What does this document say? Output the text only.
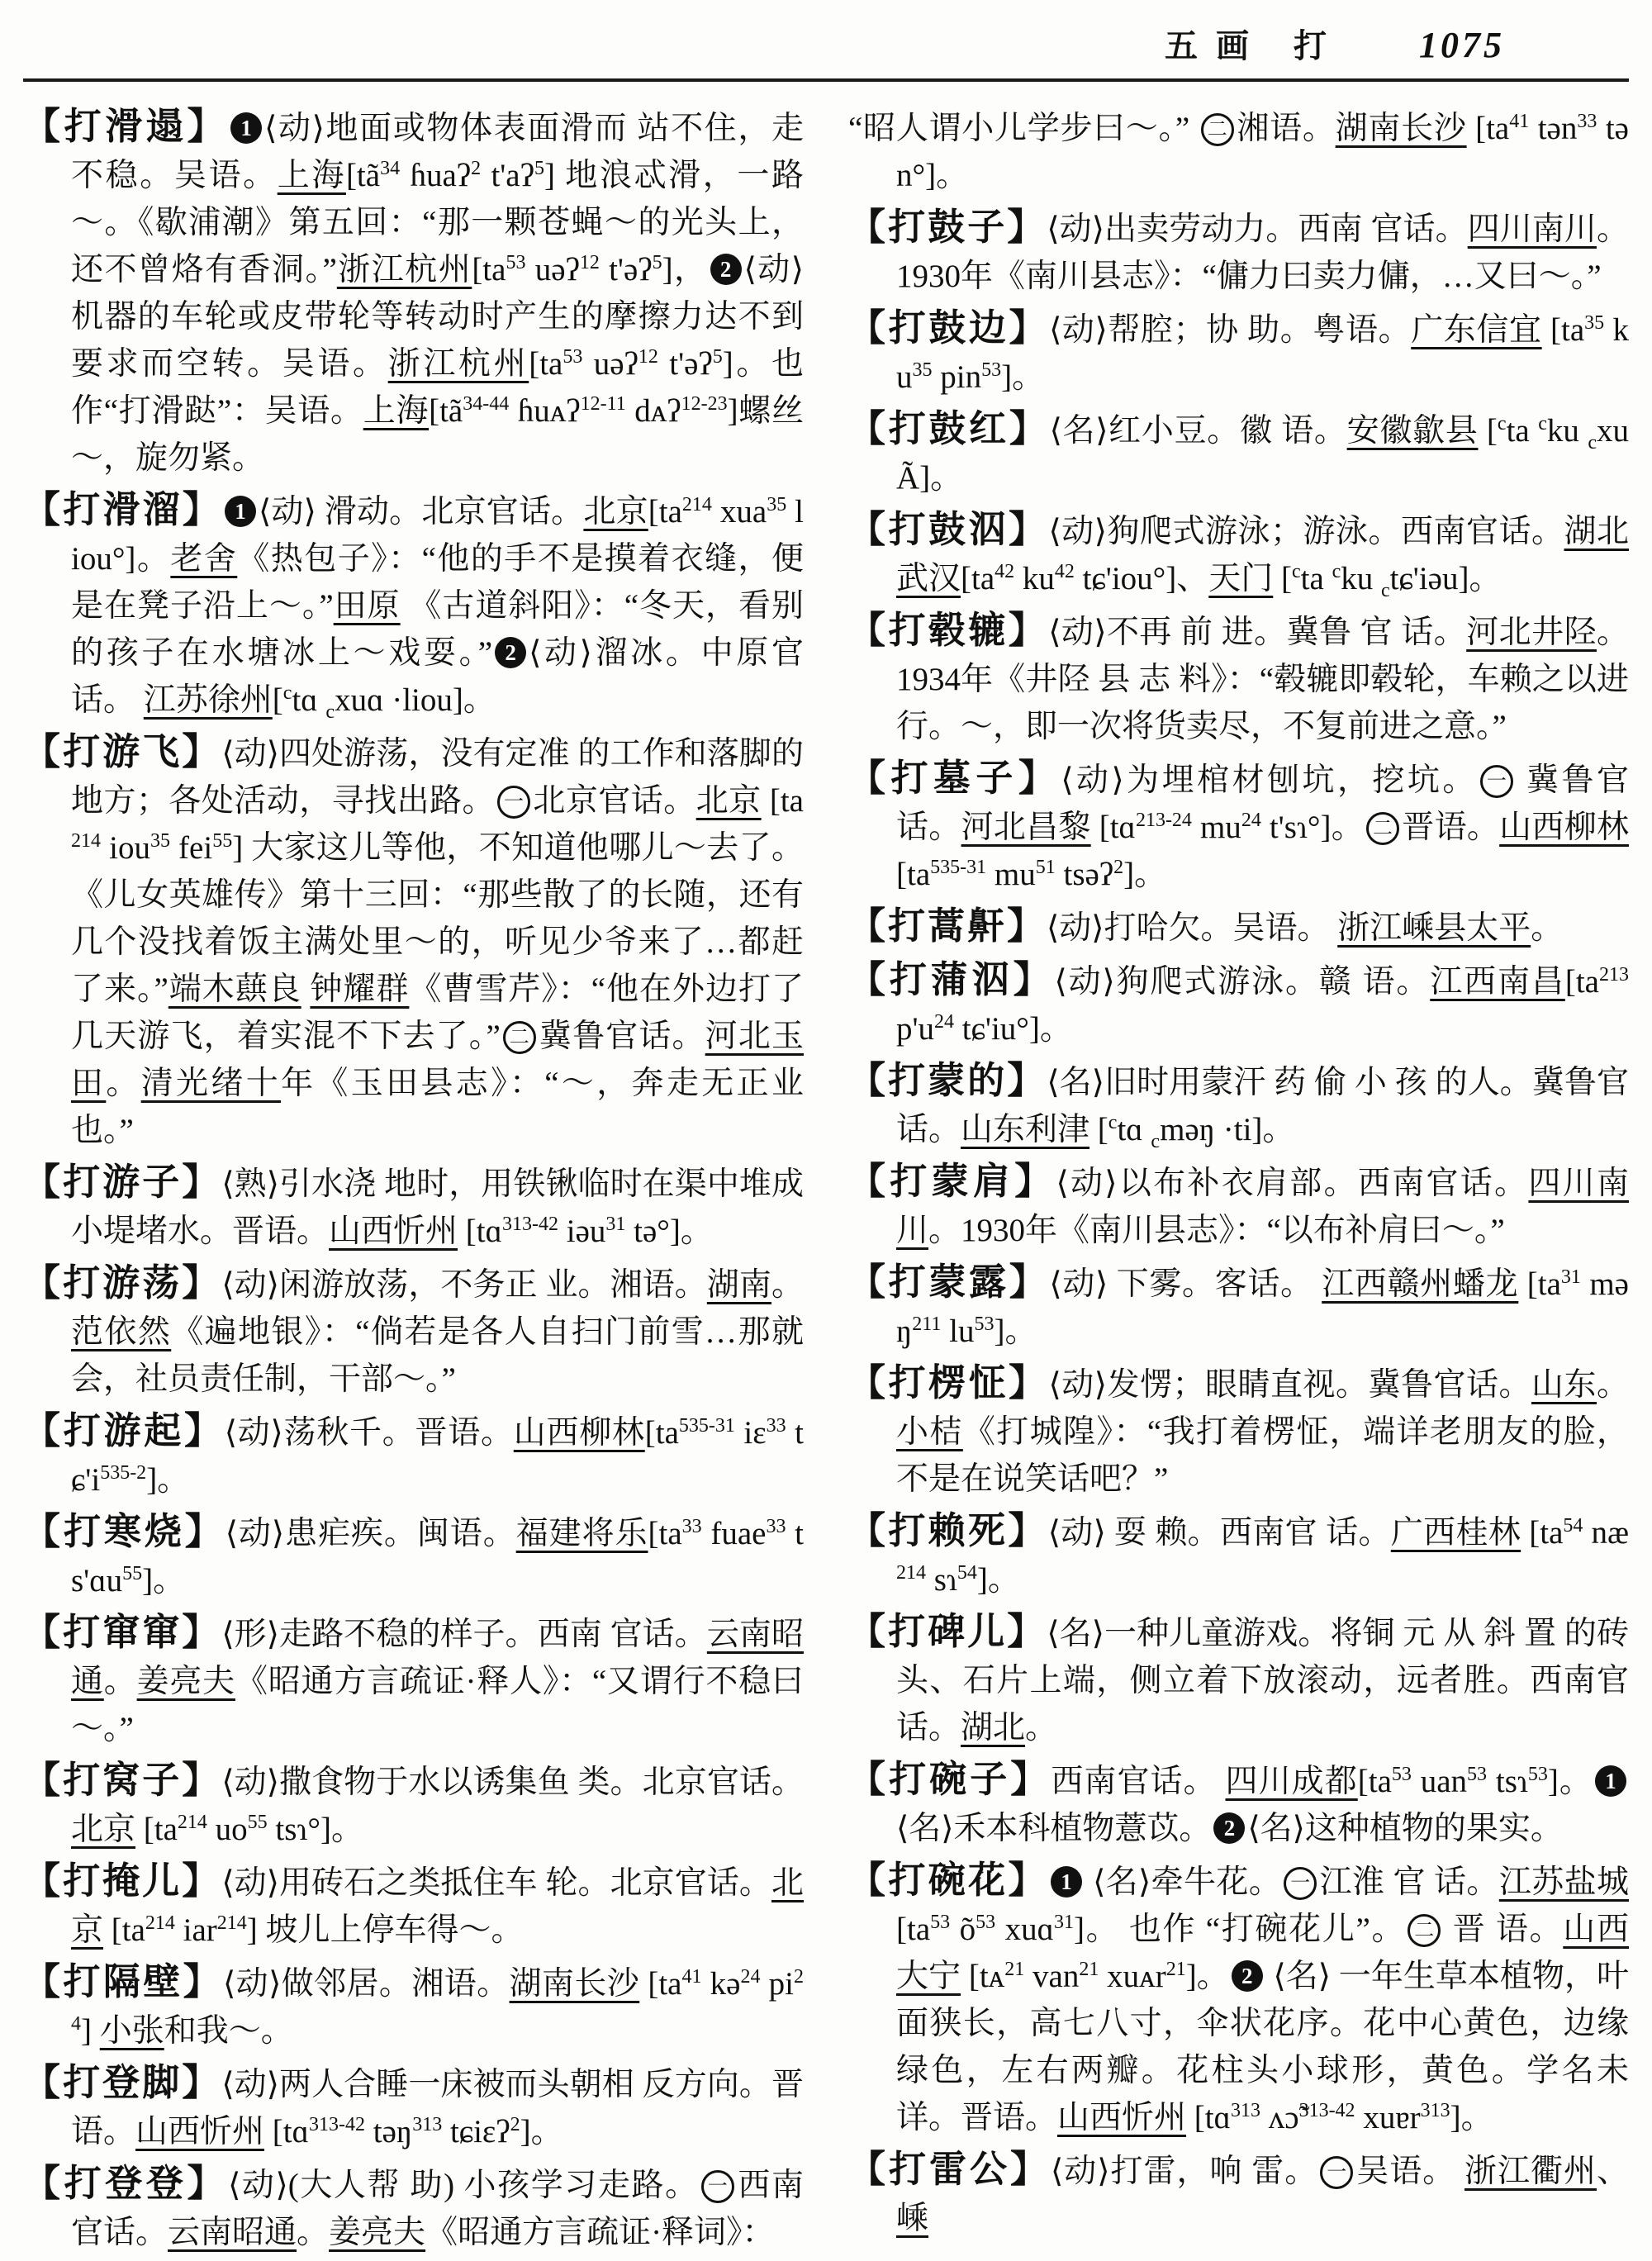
五画 打 1075

【打滑遢】 1 ⟨动⟩地面或物体表面滑而 站不住，走不稳。吴语。上海[$tã^{34}$ ɦuaʔ$^2$ t'aʔ$^5$] 地浪忒滑，一路～。《歇浦潮》第五回：“那一颗苍蝇～的光头上，还不曾烙有香洞。”浙江杭州[$ta^{53}$ uəʔ$^{12}$ t'əʔ$^5$]， 2 ⟨动⟩机器的车轮或皮带轮等转动时产生的摩擦力达不到要求而空转。吴语。浙江杭州[$ta^{53}$ uəʔ$^{12}$ t'əʔ$^5$]。也作“打滑跶”：吴语。上海[$tã^{34-44}$ ɦuᴀʔ$^{12-11}$ dᴀʔ$^{12-23}$]螺丝～，旋勿紧。

【打滑溜】 1 ⟨动⟩ 滑动。北京官话。北京[$ta^{214}$ xua$^{35}$ liou°]。老舍《热包子》：“他的手不是摸着衣缝，便是在凳子沿上～。”田原 《古道斜阳》：“冬天，看别的孩子在水塘冰上～戏耍。” 2 ⟨动⟩溜冰。中原官话。 江苏徐州[$^c$tɑ $_c$xuɑ ·liou]。

【打游飞】⟨动⟩四处游荡，没有定准 的工作和落脚的地方；各处活动，寻找出路。 一 北京官话。北京 [$ta^{214}$ iou$^{35}$ fei$^{55}$] 大家这儿等他，不知道他哪儿～去了。《儿女英雄传》第十三回：“那些散了的长随，还有几个没找着饭主满处里～的，听见少爷来了…都赶了来。”端木蕻良 钟耀群《曹雪芹》：“他在外边打了几天游飞，着实混不下去了。” 二 冀鲁官话。河北玉田。清光绪十年《玉田县志》：“～，奔走无正业也。”

【打游子】⟨熟⟩引水浇 地时，用铁锹临时在渠中堆成小堤堵水。晋语。山西忻州 [tɑ$^{313-42}$ iəu$^{31}$ tə°]。

【打游荡】⟨动⟩闲游放荡，不务正 业。湘语。湖南。范依然《遍地银》：“倘若是各人自扫门前雪…那就会，社员责任制，干部～。”

【打游起】⟨动⟩荡秋千。晋语。山西柳林[$ta^{535-31}$ iɛ$^{33}$ $tɕ'i^{535-2}$]。

【打寒烧】⟨动⟩患疟疾。闽语。福建将乐[$ta^{33}$ fuae$^{33}$ ts'ɑu$^{55}$]。

【打窜窜】⟨形⟩走路不稳的样子。西南 官话。云南昭通。姜亮夫《昭通方言疏证·释人》：“又谓行不稳曰～。”

【打窝子】⟨动⟩撒食物于水以诱集鱼 类。北京官话。北京 [$ta^{214}$ $uo^{55}$ tsɿ°]。

【打掩儿】⟨动⟩用砖石之类抵住车 轮。北京官话。北京 [$ta^{214}$ iar$^{214}$] 坡儿上停车得～。

【打隔壁】⟨动⟩做邻居。湘语。湖南长沙 [$ta^{41}$ kə$^{24}$ $pi^{24}$] 小张和我～。

【打登脚】⟨动⟩两人合睡一床被而头朝相 反方向。晋语。山西忻州 [tɑ$^{313-42}$ təŋ$^{313}$ tɕiɛʔ$^2$]。

【打登登】⟨动⟩(大人帮 助) 小孩学习走路。 一 西南官话。云南昭通。姜亮夫《昭通方言疏证·释词》：

“昭人谓小儿学步曰～。” 二 湘语。湖南长沙 [$ta^{41}$ tən$^{33}$ tən°]。

【打鼓子】⟨动⟩出卖劳动力。西南 官话。四川南川。1930年《南川县志》：“傭力曰卖力傭，…又曰～。”

【打鼓边】⟨动⟩帮腔；协 助。粤语。广东信宜 [$ta^{35}$ $ku^{35}$ pin$^{53}$]。

【打鼓红】⟨名⟩红小豆。徽 语。安徽歙县 [$^c$ta $^c$ku $_c$xuÃ]。

【打鼓泅】⟨动⟩狗爬式游泳；游泳。西南官话。湖北武汉[$ta^{42}$ $ku^{42}$ tɕ'iou°]、天门 [$^c$ta $^c$ku $_c$tɕ'iəu]。

【打毂辘】⟨动⟩不再 前 进。冀鲁 官 话。河北井陉。1934年《井陉 县 志 料》：“毂辘即毂轮，车赖之以进行。～，即一次将货卖尽，不复前进之意。”

【打墓子】⟨动⟩为埋棺材刨坑，挖坑。 一 冀鲁官话。河北昌黎 [tɑ$^{213-24}$ $mu^{24}$ t'sɿ°]。 二 晋语。山西柳林[$ta^{535-31}$ $mu^{51}$ tsəʔ$^2$]。

【打蒿鼾】⟨动⟩打哈欠。吴语。 浙江嵊县太平。

【打蒲泅】⟨动⟩狗爬式游泳。赣 语。江西南昌[$ta^{213}$ $p'u^{24}$ tɕ'iu°]。

【打蒙的】⟨名⟩旧时用蒙汗 药 偷 小 孩 的人。冀鲁官话。山东利津 [$^c$tɑ $_c$məŋ ·ti]。

【打蒙肩】⟨动⟩以布补衣肩部。西南官话。四川南川。1930年《南川县志》：“以布补肩曰～。”

【打蒙露】⟨动⟩ 下雾。客话。 江西赣州蟠龙 [$ta^{31}$ məŋ$^{211}$ $lu^{53}$]。

【打楞怔】⟨动⟩发愣；眼睛直视。冀鲁官话。山东。小桔《打城隍》：“我打着楞怔，端详老朋友的脸，不是在说笑话吧？”

【打赖死】⟨动⟩ 耍 赖。西南官 话。广西桂林 [$ta^{54}$ $næ^{214}$ sɿ$^{54}$]。

【打碑儿】⟨名⟩一种儿童游戏。将铜 元 从 斜 置 的砖头、石片上端，侧立着下放滚动，远者胜。西南官话。湖北。

【打碗子】西南官话。 四川成都[$ta^{53}$ uan$^{53}$ tsɿ$^{53}$]。 1⟨名⟩禾本科植物薏苡。 2 ⟨名⟩这种植物的果实。

【打碗花】 1 ⟨名⟩牵牛花。 一 江淮 官 话。江苏盐城[$ta^{53}$ $õ^{53}$ xuɑ$^{31}$]。 也作 “打碗花儿”。 二 晋 语。山西大宁 [tᴀ$^{21}$ van$^{21}$ xuᴀr$^{21}$]。 2 ⟨名⟩ 一年生草本植物，叶面狭长，高七八寸，伞状花序。花中心黄色，边缘绿色，左右两瓣。花柱头小球形，黄色。学名未详。晋语。山西忻州 [tɑ$^{313}$ ʌɔ̃$^{313-42}$ xuɐr$^{313}$]。

【打雷公】⟨动⟩打雷，响 雷。 一 吴语。 浙江衢州、嵊
